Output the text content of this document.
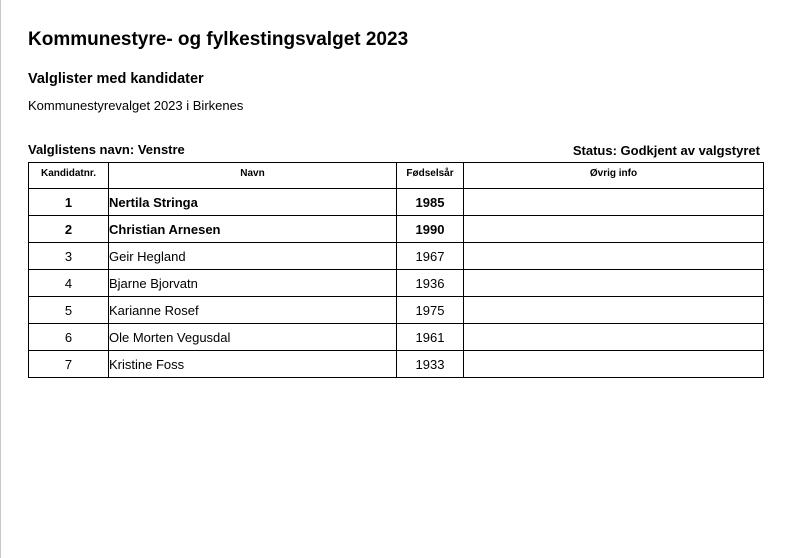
Kommunestyre- og fylkestingsvalget 2023
Valglister med kandidater
Kommunestyrevalget 2023 i Birkenes
Valglistens navn: Venstre	Status: Godkjent av valgstyret
Kandidatnr.	Navn	Fødselsår	Øvrig info
1	Nertila Stringa	1985	
2	Christian Arnesen	1990	
3	Geir Hegland	1967	
4	Bjarne Bjorvatn	1936	
5	Karianne Rosef	1975	
6	Ole Morten Vegusdal	1961	
7	Kristine Foss	1933	
